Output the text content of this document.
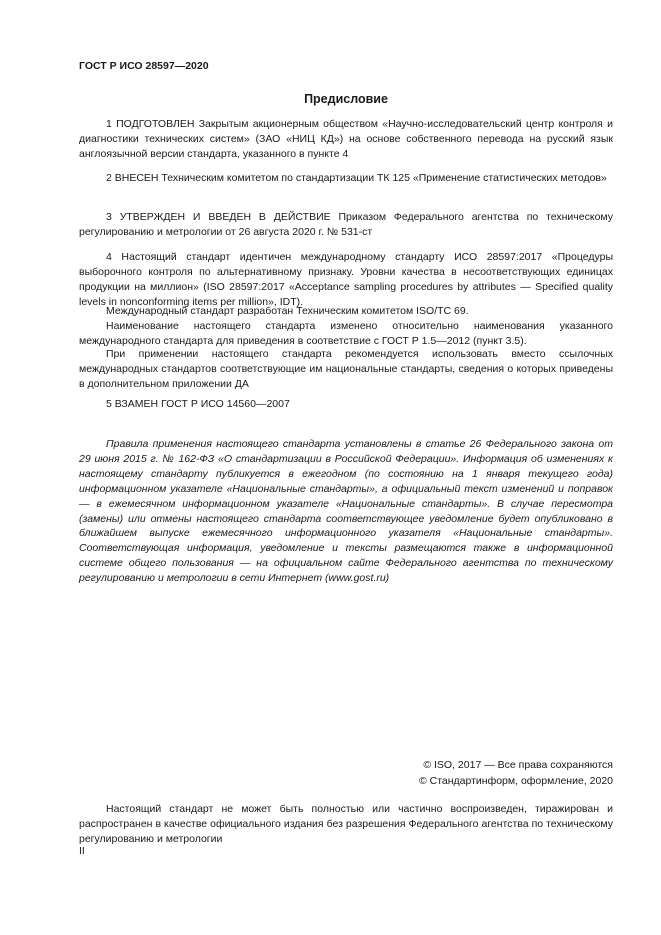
ГОСТ Р ИСО 28597—2020
Предисловие
1 ПОДГОТОВЛЕН Закрытым акционерным обществом «Научно-исследовательский центр контроля и диагностики технических систем» (ЗАО «НИЦ КД») на основе собственного перевода на русский язык англоязычной версии стандарта, указанного в пункте 4
2 ВНЕСЕН Техническим комитетом по стандартизации ТК 125 «Применение статистических методов»
3 УТВЕРЖДЕН И ВВЕДЕН В ДЕЙСТВИЕ Приказом Федерального агентства по техническому регулированию и метрологии от 26 августа 2020 г. № 531-ст
4 Настоящий стандарт идентичен международному стандарту ИСО 28597:2017 «Процедуры выборочного контроля по альтернативному признаку. Уровни качества в несоответствующих единицах продукции на миллион» (ISO 28597:2017 «Acceptance sampling procedures by attributes — Specified quality levels in nonconforming items per million», IDT).
Международный стандарт разработан Техническим комитетом ISO/TC 69.
Наименование настоящего стандарта изменено относительно наименования указанного международного стандарта для приведения в соответствие с ГОСТ Р 1.5—2012 (пункт 3.5).
При применении настоящего стандарта рекомендуется использовать вместо ссылочных международных стандартов соответствующие им национальные стандарты, сведения о которых приведены в дополнительном приложении ДА
5 ВЗАМЕН ГОСТ Р ИСО 14560—2007
Правила применения настоящего стандарта установлены в статье 26 Федерального закона от 29 июня 2015 г. № 162-ФЗ «О стандартизации в Российской Федерации». Информация об изменениях к настоящему стандарту публикуется в ежегодном (по состоянию на 1 января текущего года) информационном указателе «Национальные стандарты», а официальный текст изменений и поправок — в ежемесячном информационном указателе «Национальные стандарты». В случае пересмотра (замены) или отмены настоящего стандарта соответствующее уведомление будет опубликовано в ближайшем выпуске ежемесячного информационного указателя «Национальные стандарты». Соответствующая информация, уведомление и тексты размещаются также в информационной системе общего пользования — на официальном сайте Федерального агентства по техническому регулированию и метрологии в сети Интернет (www.gost.ru)
© ISO, 2017 — Все права сохраняются
© Стандартинформ, оформление, 2020
Настоящий стандарт не может быть полностью или частично воспроизведен, тиражирован и распространен в качестве официального издания без разрешения Федерального агентства по техническому регулированию и метрологии
II
